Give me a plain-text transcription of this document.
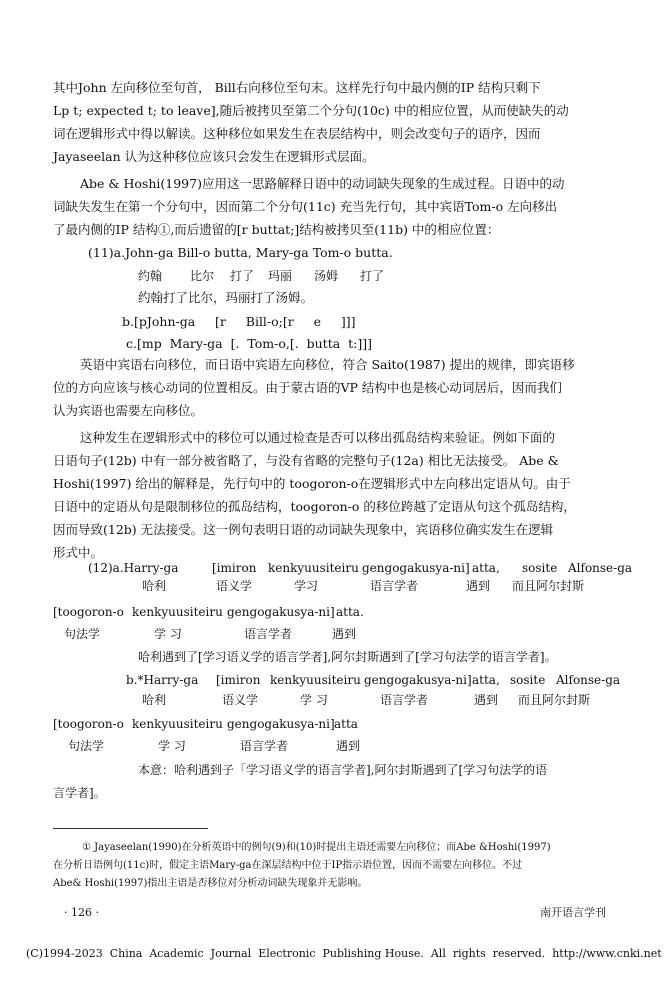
其中John 左向移位至句首， Bill右向移位至句末。这样先行句中最内侧的IP 结构只剩下
Lp t; expected t; to leave],随后被拷贝至第二个分句(10c) 中的相应位置，从而使缺失的动
词在逻辑形式中得以解读。这种移位如果发生在表层结构中，则会改变句子的语序，因而
Jayaseelan 认为这种移位应该只会发生在逻辑形式层面。
Abe & Hoshi(1997)应用这一思路解释日语中的动词缺失现象的生成过程。日语中的动
词缺失发生在第一个分句中，因而第二个分句(11c) 充当先行句，其中宾语Tom-o 左向移出
了最内侧的IP 结构①,而后遗留的[r buttat;]结构被拷贝至(11b) 中的相应位置：
(11)a.John-ga Bill-o butta, Mary-ga Tom-o butta.
约翰 比尔 打了 玛丽 汤姆 打了
约翰打了比尔，玛丽打了汤姆。
b.[pJohn-ga     [r     Bill-o;[r     e     ]]]
c.[mp  Mary-ga  [.  Tom-o,[.  butta  t:]]]
英语中宾语右向移位，而日语中宾语左向移位，符合 Saito(1987) 提出的规律，即宾语移
位的方向应该与核心动词的位置相反。由于蒙古语的VP 结构中也是核心动词居后，因而我们
认为宾语也需要左向移位。
这种发生在逻辑形式中的移位可以通过检查是否可以移出孤岛结构来验证。例如下面的
日语句子(12b) 中有一部分被省略了，与没有省略的完整句子(12a) 相比无法接受。 Abe &
Hoshi(1997) 给出的解释是，先行句中的 toogoron-o在逻辑形式中左向移出定语从句。由于
日语中的定语从句是限制移位的孤岛结构，toogoron-o 的移位跨越了定语从句这个孤岛结构，
因而导致(12b) 无法接受。这一例句表明日语的动词缺失现象中，宾语移位确实发生在逻辑
形式中。
(12)a.Harry-ga	[imiron kenkyuusiteiru gengogakusya-ni] atta, sosite Alfonse-ga
哈利	语义学	学习	语言学者	遇到 而且阿尔封斯
[toogoron-o kenkyuusiteiru gengogakusya-ni] atta.
句法学	学 习	语言学者	遇到
哈利遇到了[学习语义学的语言学者],阿尔封斯遇到了[学习句法学的语言学者]。
b.*Harry-ga [imiron kenkyuusiteiru gengogakusya-ni] atta, sosite Alfonse-ga
哈利	语义学	学 习	语言学者	遇到 而且阿尔封斯
[toogoron-o kenkyuusiteiru gengogakusya-ni] atta
句法学	学 习	语言学者	遇到
本意：哈利遇到子「学习语义学的语言学者],阿尔封斯遇到了[学习句法学的语
言学者]。
① Jayaseelan(1990)在分析英语中的例句(9)和(10)时提出主语还需要左向移位；而Abe &Hoshi(1997)
在分析日语例句(11c)时，假定主语Mary-ga在深层结构中位于IP指示语位置，因而不需要左向移位。不过
Abe& Hoshi(1997)指出主语是否移位对分析动词缺失现象并无影响。
· 126 ·	南开语言学刊
(C)1994-2023  China  Academic  Journal  Electronic  Publishing House.  All  rights  reserved.  http://www.cnki.net
